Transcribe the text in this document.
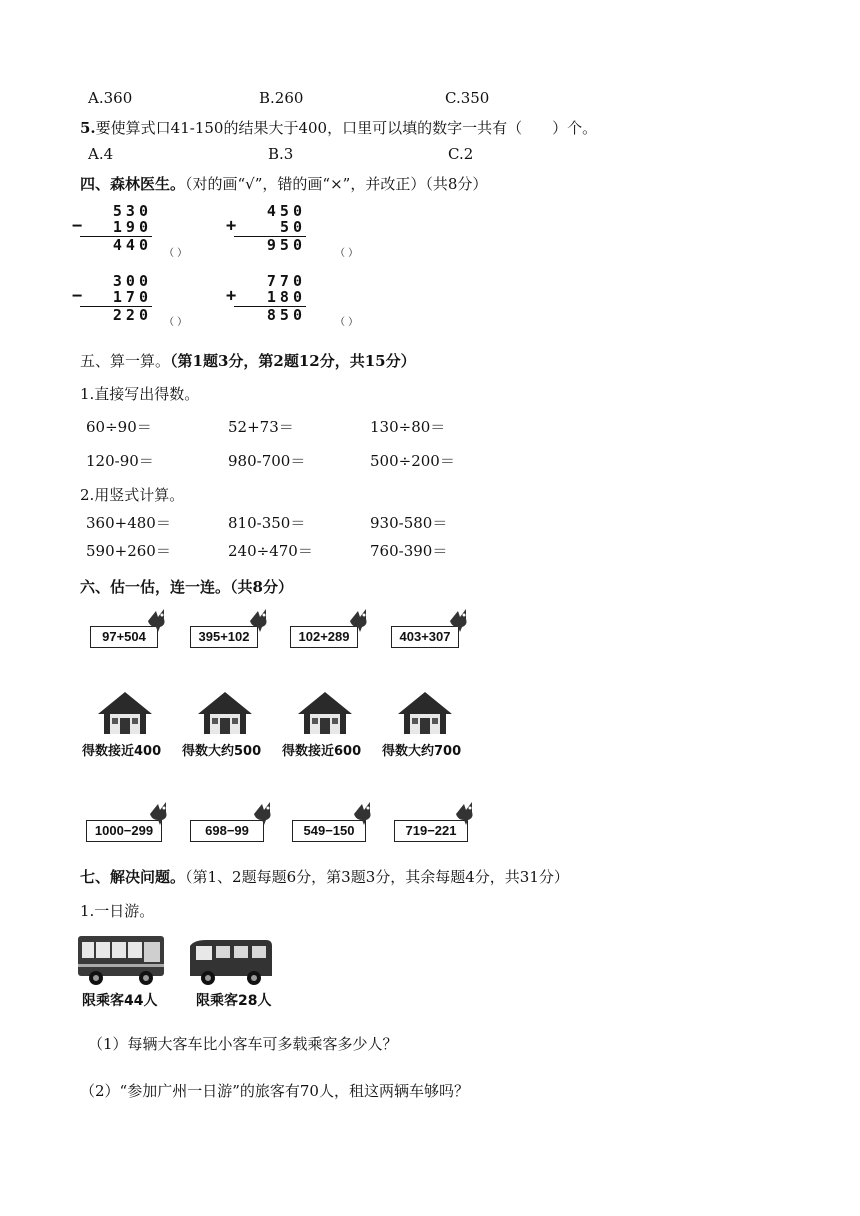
A.360	B.260	C.350
5.要使算式口41-150的结果大于400，口里可以填的数字一共有（　　）个。
A.4	B.3	C.2
四、森林医生。（对的画“√”，错的画“×”，并改正）（共8分）
530
− 190
440 （ ）
450
+	50
950	（ ）
300
− 170
220 （ ）
770
+ 180
850	（ ）
五、算一算。（第1题3分，第2题12分，共15分）
1.直接写出得数。
60÷90＝	52+73＝	130÷80＝
120-90＝	980-700＝	500÷200＝
2.用竖式计算。
360+480＝	810-350＝	930-580＝
590+260＝	240÷470＝	760-390＝
六、估一估，连一连。（共8分）
97+504	395+102	102+289	403+307
得数接近400 得数大约500 得数接近600 得数大约700
1000−299	698−99	549−150	719−221
七、解决问题。（第1、2题每题6分，第3题3分，其余每题4分，共31分）
1.一日游。
限乘客44人	限乘客28人
（1）每辆大客车比小客车可多载乘客多少人？
（2）“参加广州一日游”的旅客有70人，租这两辆车够吗？
